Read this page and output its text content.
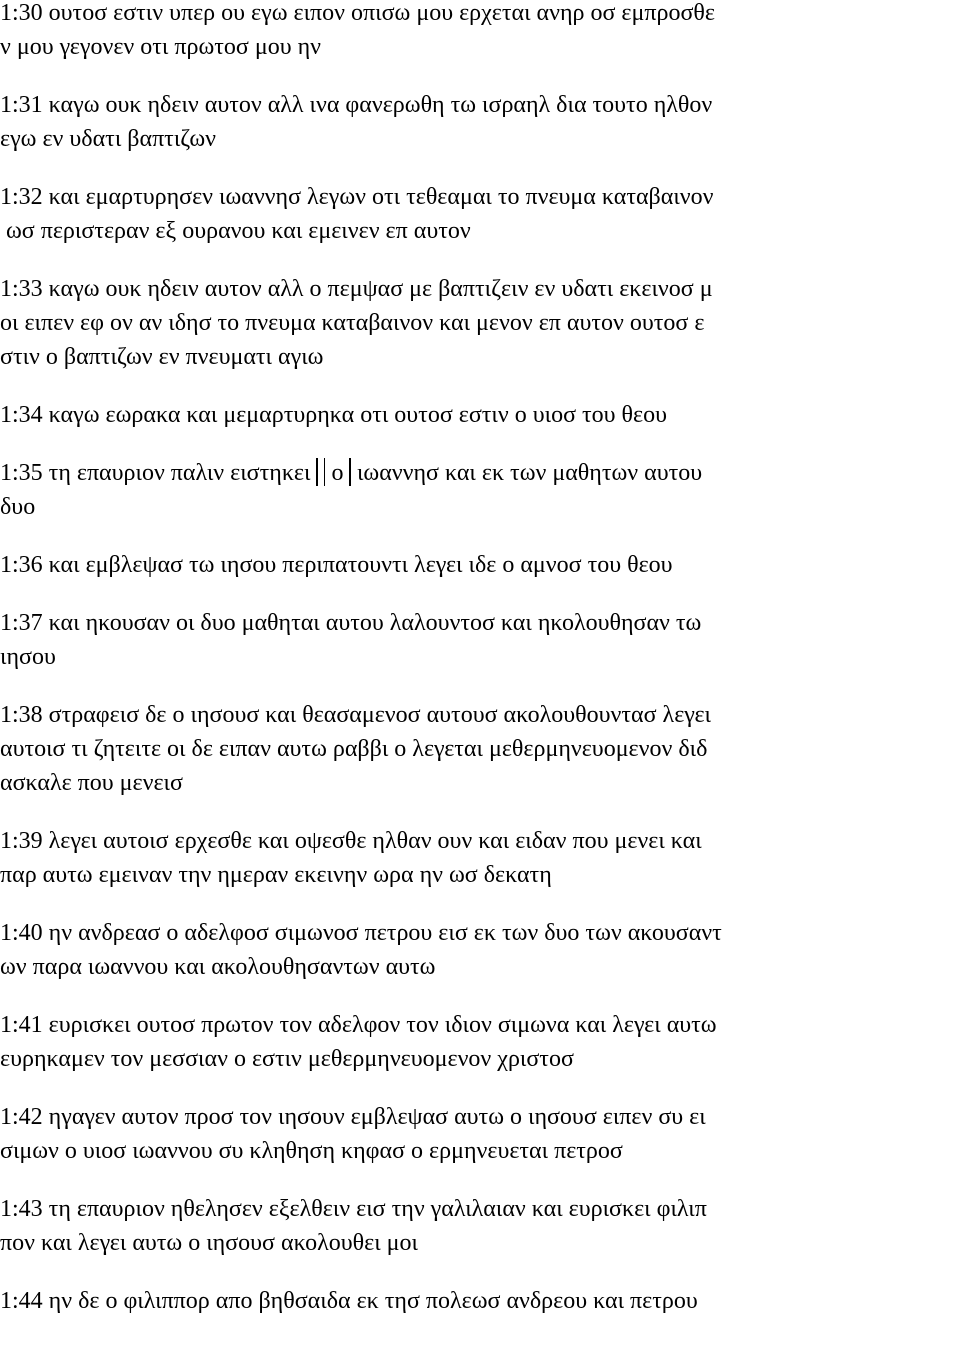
1:30 ουτοσ εστιν υπερ ου εγω ειπον οπισω μου ερχεται ανηρ οσ εμπροσθε
ν μου γεγονεν οτι πρωτοσ μου ην
1:31 καγω ουκ ηδειν αυτον αλλ ινα φανερωθη τω ισραηλ δια τουτο ηλθον
εγω εν υδατι βαπτιζων
1:32 και εμαρτυρησεν ιωαννησ λεγων οτι τεθεαμαι το πνευμα καταβαινον
ωσ περιστεραν εξ ουρανου και εμεινεν επ αυτον
1:33 καγω ουκ ηδειν αυτον αλλ ο πεμψασ με βαπτιζειν εν υδατι εκεινοσ μ
οι ειπεν εφ ον αν ιδησ το πνευμα καταβαινον και μενον επ αυτον ουτοσ ε
στιν ο βαπτιζων εν πνευματι αγιω
1:34 καγω εωρακα και μεμαρτυρηκα οτι ουτοσ εστιν ο υιοσ του θεου
1:35 τη επαυριον παλιν ειστηκει ο ιωαννησ και εκ των μαθητων αυτου
δυο
1:36 και εμβλεψασ τω ιησου περιπατουντι λεγει ιδε ο αμνοσ του θεου
1:37 και ηκουσαν οι δυο μαθηται αυτου λαλουντοσ και ηκολουθησαν τω
ιησου
1:38 στραφεισ δε ο ιησουσ και θεασαμενοσ αυτουσ ακολουθουντασ λεγει
αυτοισ τι ζητειτε οι δε ειπαν αυτω ραββι ο λεγεται μεθερμηνευομενον διδ
ασκαλε που μενεισ
1:39 λεγει αυτοισ ερχεσθε και οψεσθε ηλθαν ουν και ειδαν που μενει και
παρ αυτω εμειναν την ημεραν εκεινην ωρα ην ωσ δεκατη
1:40 ην ανδρεασ ο αδελφοσ σιμωνοσ πετρου εισ εκ των δυο των ακουσαντ
ων παρα ιωαννου και ακολουθησαντων αυτω
1:41 ευρισκει ουτοσ πρωτον τον αδελφον τον ιδιον σιμωνα και λεγει αυτω
ευρηκαμεν τον μεσσιαν ο εστιν μεθερμηνευομενον χριστοσ
1:42 ηγαγεν αυτον προσ τον ιησουν εμβλεψασ αυτω ο ιησουσ ειπεν συ ει
σιμων ο υιοσ ιωαννου συ κληθηση κηφασ ο ερμηνευεται πετροσ
1:43 τη επαυριον ηθελησεν εξελθειν εισ την γαλιλαιαν και ευρισκει φιλιπ
πον και λεγει αυτω ο ιησουσ ακολουθει μοι
1:44 ην δε ο φιλιππορ απο βηθσαιδα εκ τησ πολεωσ ανδρεου και πετρου
